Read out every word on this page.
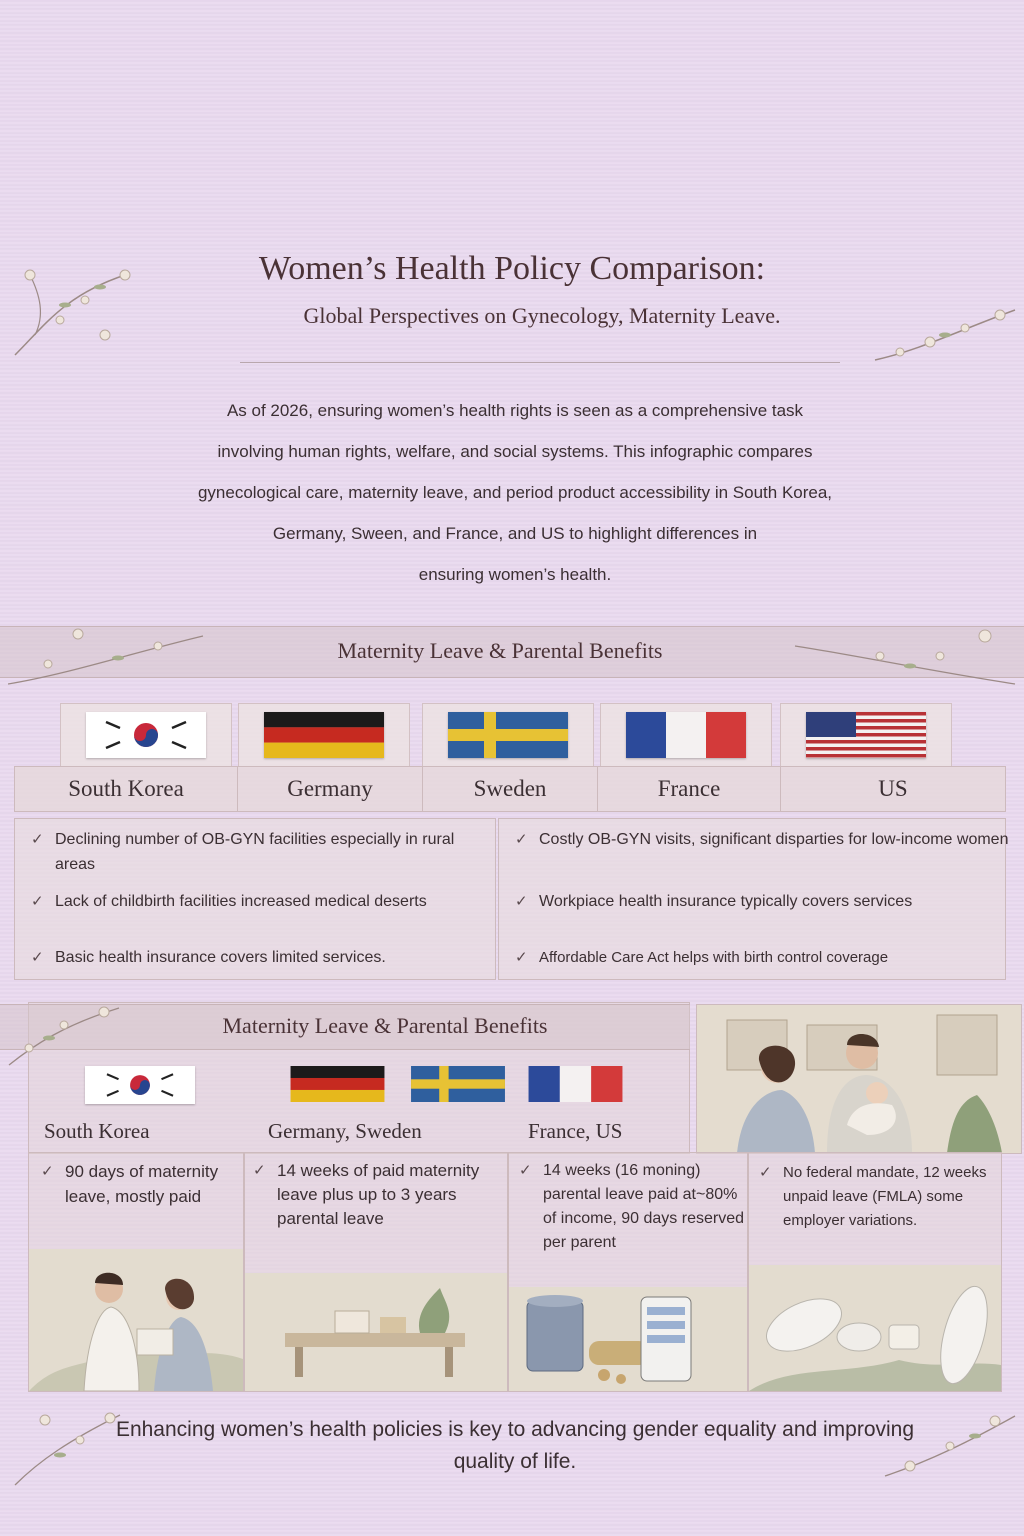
Women’s Health Policy Comparison:
Global Perspectives on Gynecology, Maternity Leave.
As of 2026, ensuring women’s health rights is seen as a comprehensive task
involving human rights, welfare, and social systems. This infographic compares
gynecological care, maternity leave, and period product accessibility in South Korea,
Germany, Sween, and France, and US to highlight differences in
ensuring women’s health.
Maternity Leave & Parental Benefits
South Korea	Germany	Sweden	France	US
✓ Declining number of OB-GYN facilities especially in rural areas
✓ Lack of childbirth facilities increased medical deserts
✓ Basic health insurance covers limited services.
✓ Costly OB-GYN visits, significant disparties for low-income women
✓ Workpiace health insurance typically covers services
✓ Affordable Care Act helps with birth control coverage
Maternity Leave & Parental Benefits
South Korea	Germany, Sweden	France, US
✓ 90 days of maternity leave, mostly paid
✓ 14 weeks of paid maternity leave plus up to 3 years parental leave
✓ 14 weeks (16 moning) parental leave paid at~80% of income, 90 days reserved per parent
✓ No federal mandate, 12 weeks unpaid leave (FMLA) some employer variations.
Enhancing women’s health policies is key to advancing gender equality and improving quality of life.
